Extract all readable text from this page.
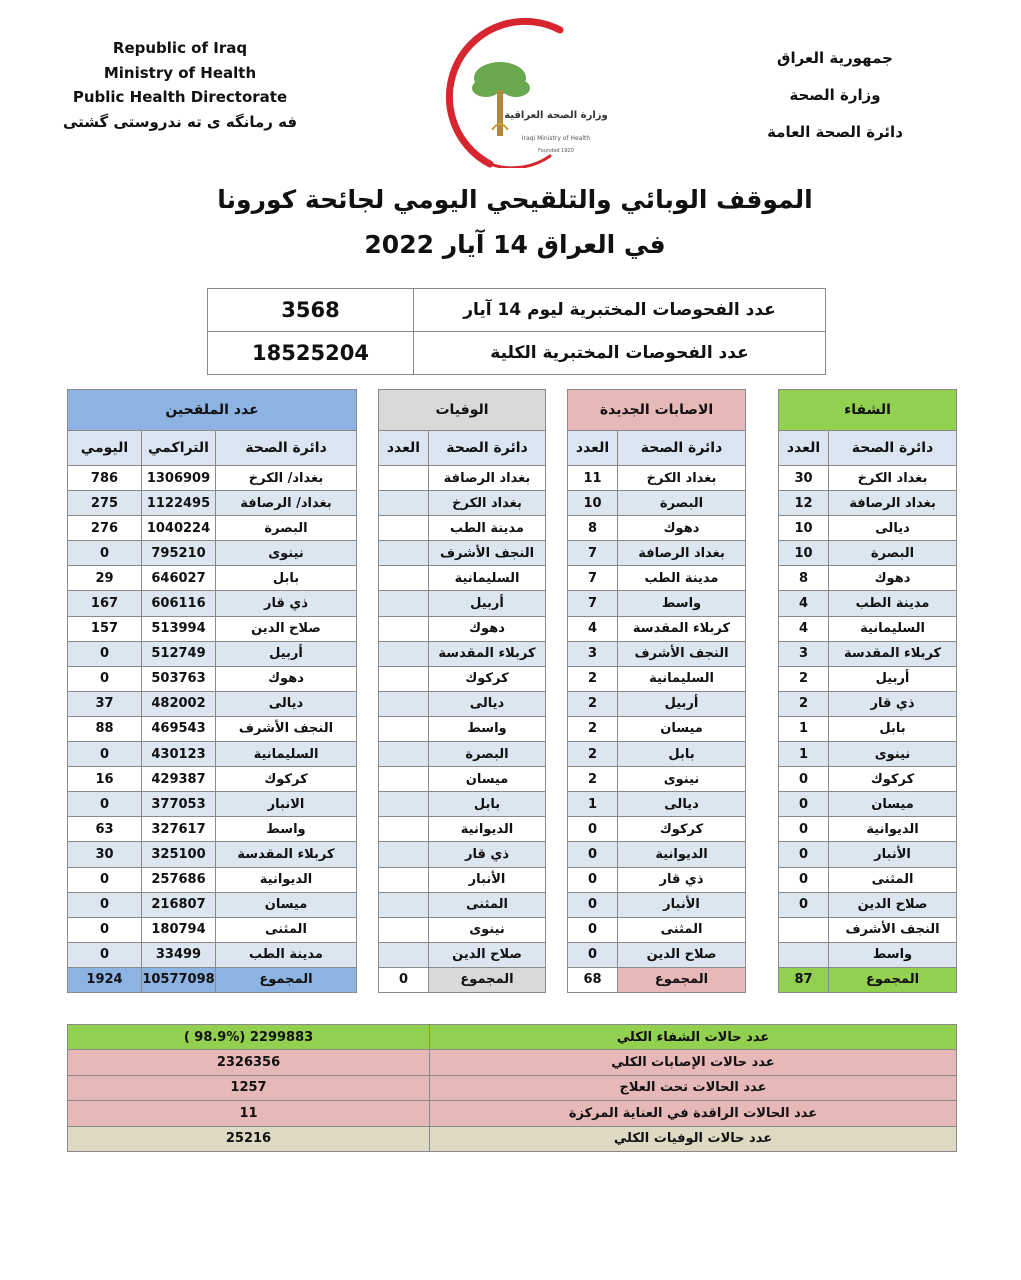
Republic of Iraq
Ministry of Health
Public Health Directorate
فه رمانگه ی ته ندروستی گشتی	وزارة الصحة العراقية
Iraqi Ministry of Health
Founded 1920
جمهورية العراق
وزارة الصحة
دائرة الصحة العامة
الموقف الوبائي والتلقيحي اليومي لجائحة كورونا
في العراق 14 آيار 2022
3568	عدد الفحوصات المختبرية ليوم 14 آيار
18525204	عدد الفحوصات المختبرية الكلية
عدد الملقحين				الوفيات			الاصابات الجديدة			الشفاء	
اليومي	التراكمي	دائرة الصحة		العدد	دائرة الصحة		العدد	دائرة الصحة		العدد	دائرة الصحة
786	1306909	بغداد/ الكرخ			بغداد الرصافة		11	بغداد الكرخ		30	بغداد الكرخ
275	1122495	بغداد/ الرصافة			بغداد الكرخ		10	البصرة		12	بغداد الرصافة
276	1040224	البصرة			مدينة الطب		8	دهوك		10	ديالى
0	795210	نينوى			النجف الأشرف		7	بغداد الرصافة		10	البصرة
29	646027	بابل			السليمانية		7	مدينة الطب		8	دهوك
167	606116	ذي قار			أربيل		7	واسط		4	مدينة الطب
157	513994	صلاح الدين			دهوك		4	كربلاء المقدسة		4	السليمانية
0	512749	أربيل			كربلاء المقدسة		3	النجف الأشرف		3	كربلاء المقدسة
0	503763	دهوك			كركوك		2	السليمانية		2	أربيل
37	482002	ديالى			ديالى		2	أربيل		2	ذي قار
88	469543	النجف الأشرف			واسط		2	ميسان		1	بابل
0	430123	السليمانية			البصرة		2	بابل		1	نينوى
16	429387	كركوك			ميسان		2	نينوى		0	كركوك
0	377053	الانبار			بابل		1	ديالى		0	ميسان
63	327617	واسط			الديوانية		0	كركوك		0	الديوانية
30	325100	كربلاء المقدسة			ذي قار		0	الديوانية		0	الأنبار
0	257686	الديوانية			الأنبار		0	ذي قار		0	المثنى
0	216807	ميسان			المثنى		0	الأنبار		0	صلاح الدين
0	180794	المثنى			نينوى		0	المثنى			النجف الأشرف
0	33499	مدينة الطب			صلاح الدين		0	صلاح الدين			واسط
1924	10577098	المجموع		0	المجموع		68	المجموع		87	المجموع
( 98.9%) 2299883	عدد حالات الشفاء الكلي
2326356	عدد حالات الإصابات الكلي
1257	عدد الحالات تحت العلاج
11	عدد الحالات الراقدة في العناية المركزة
25216	عدد حالات الوفيات الكلي
